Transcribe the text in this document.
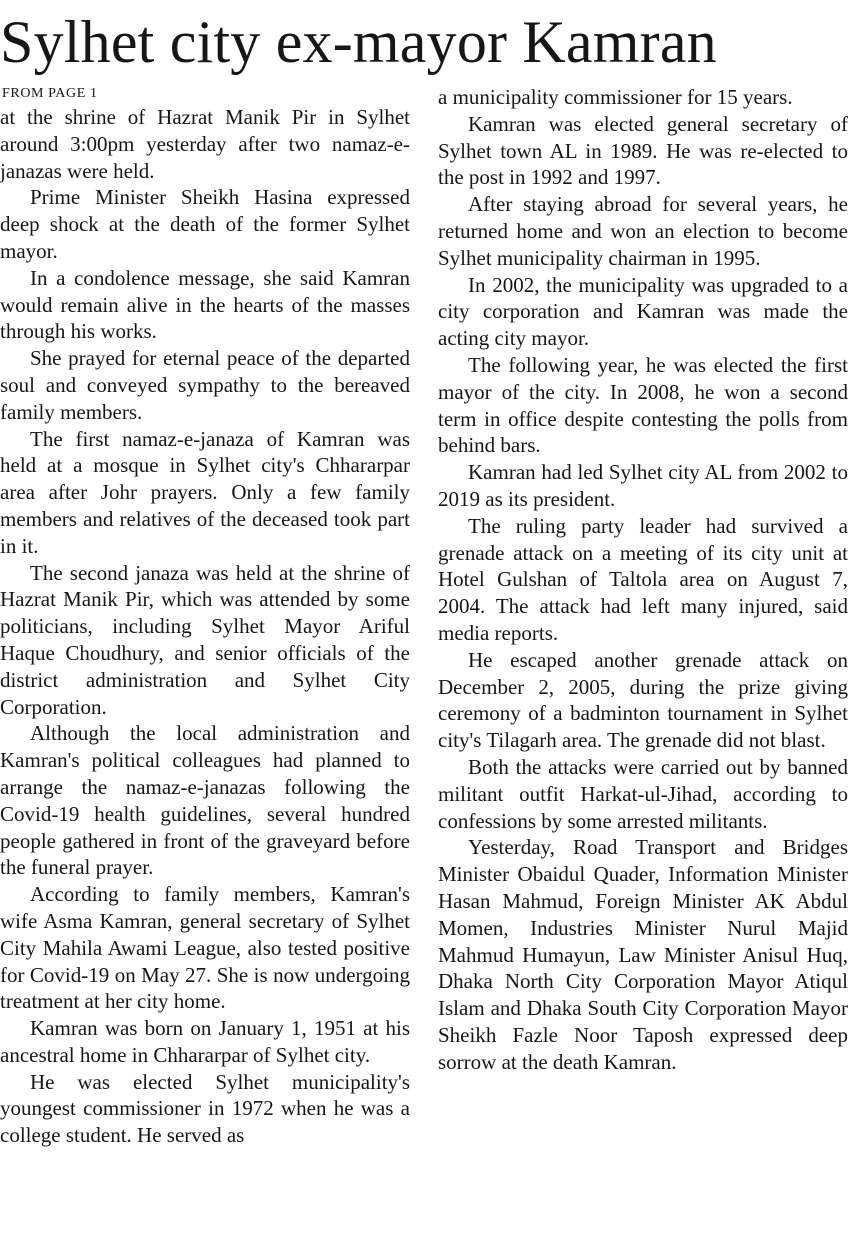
Sylhet city ex-mayor Kamran
FROM PAGE 1

at the shrine of Hazrat Manik Pir in Sylhet around 3:00pm yesterday after two namaz-e-janazas were held.

Prime Minister Sheikh Hasina expressed deep shock at the death of the former Sylhet mayor.

In a condolence message, she said Kamran would remain alive in the hearts of the masses through his works.

She prayed for eternal peace of the departed soul and conveyed sympathy to the bereaved family members.

The first namaz-e-janaza of Kamran was held at a mosque in Sylhet city's Chhararpar area after Johr prayers. Only a few family members and relatives of the deceased took part in it.

The second janaza was held at the shrine of Hazrat Manik Pir, which was attended by some politicians, including Sylhet Mayor Ariful Haque Choudhury, and senior officials of the district administration and Sylhet City Corporation.

Although the local administration and Kamran's political colleagues had planned to arrange the namaz-e-janazas following the Covid-19 health guidelines, several hundred people gathered in front of the graveyard before the funeral prayer.

According to family members, Kamran's wife Asma Kamran, general secretary of Sylhet City Mahila Awami League, also tested positive for Covid-19 on May 27. She is now undergoing treatment at her city home.

Kamran was born on January 1, 1951 at his ancestral home in Chhararpar of Sylhet city.

He was elected Sylhet municipality's youngest commissioner in 1972 when he was a college student. He served as

a municipality commissioner for 15 years.

Kamran was elected general secretary of Sylhet town AL in 1989. He was re-elected to the post in 1992 and 1997.

After staying abroad for several years, he returned home and won an election to become Sylhet municipality chairman in 1995.

In 2002, the municipality was upgraded to a city corporation and Kamran was made the acting city mayor.

The following year, he was elected the first mayor of the city. In 2008, he won a second term in office despite contesting the polls from behind bars.

Kamran had led Sylhet city AL from 2002 to 2019 as its president.

The ruling party leader had survived a grenade attack on a meeting of its city unit at Hotel Gulshan of Taltola area on August 7, 2004. The attack had left many injured, said media reports.

He escaped another grenade attack on December 2, 2005, during the prize giving ceremony of a badminton tournament in Sylhet city's Tilagarh area. The grenade did not blast.

Both the attacks were carried out by banned militant outfit Harkat-ul-Jihad, according to confessions by some arrested militants.

Yesterday, Road Transport and Bridges Minister Obaidul Quader, Information Minister Hasan Mahmud, Foreign Minister AK Abdul Momen, Industries Minister Nurul Majid Mahmud Humayun, Law Minister Anisul Huq, Dhaka North City Corporation Mayor Atiqul Islam and Dhaka South City Corporation Mayor Sheikh Fazle Noor Taposh expressed deep sorrow at the death Kamran.
